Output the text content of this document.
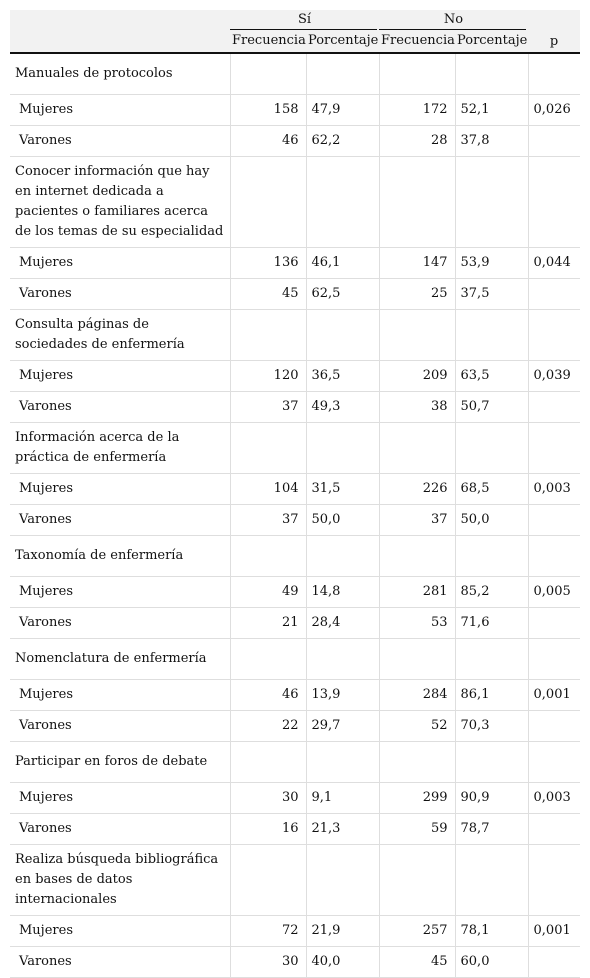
	Sí		No		p
	Frecuencia	Porcentaje	Frecuencia	Porcentaje	
Manuales de protocolos					
Mujeres	158	47,9	172	52,1	0,026
Varones	46	62,2	28	37,8	
Conocer información que hay en internet dedicada a pacientes o familiares acerca de los temas de su especialidad					
Mujeres	136	46,1	147	53,9	0,044
Varones	45	62,5	25	37,5	
Consulta páginas de sociedades de enfermería					
Mujeres	120	36,5	209	63,5	0,039
Varones	37	49,3	38	50,7	
Información acerca de la práctica de enfermería					
Mujeres	104	31,5	226	68,5	0,003
Varones	37	50,0	37	50,0	
Taxonomía de enfermería					
Mujeres	49	14,8	281	85,2	0,005
Varones	21	28,4	53	71,6	
Nomenclatura de enfermería					
Mujeres	46	13,9	284	86,1	0,001
Varones	22	29,7	52	70,3	
Participar en foros de debate					
Mujeres	30	9,1	299	90,9	0,003
Varones	16	21,3	59	78,7	
Realiza búsqueda bibliográfica en bases de datos internacionales					
Mujeres	72	21,9	257	78,1	0,001
Varones	30	40,0	45	60,0	
